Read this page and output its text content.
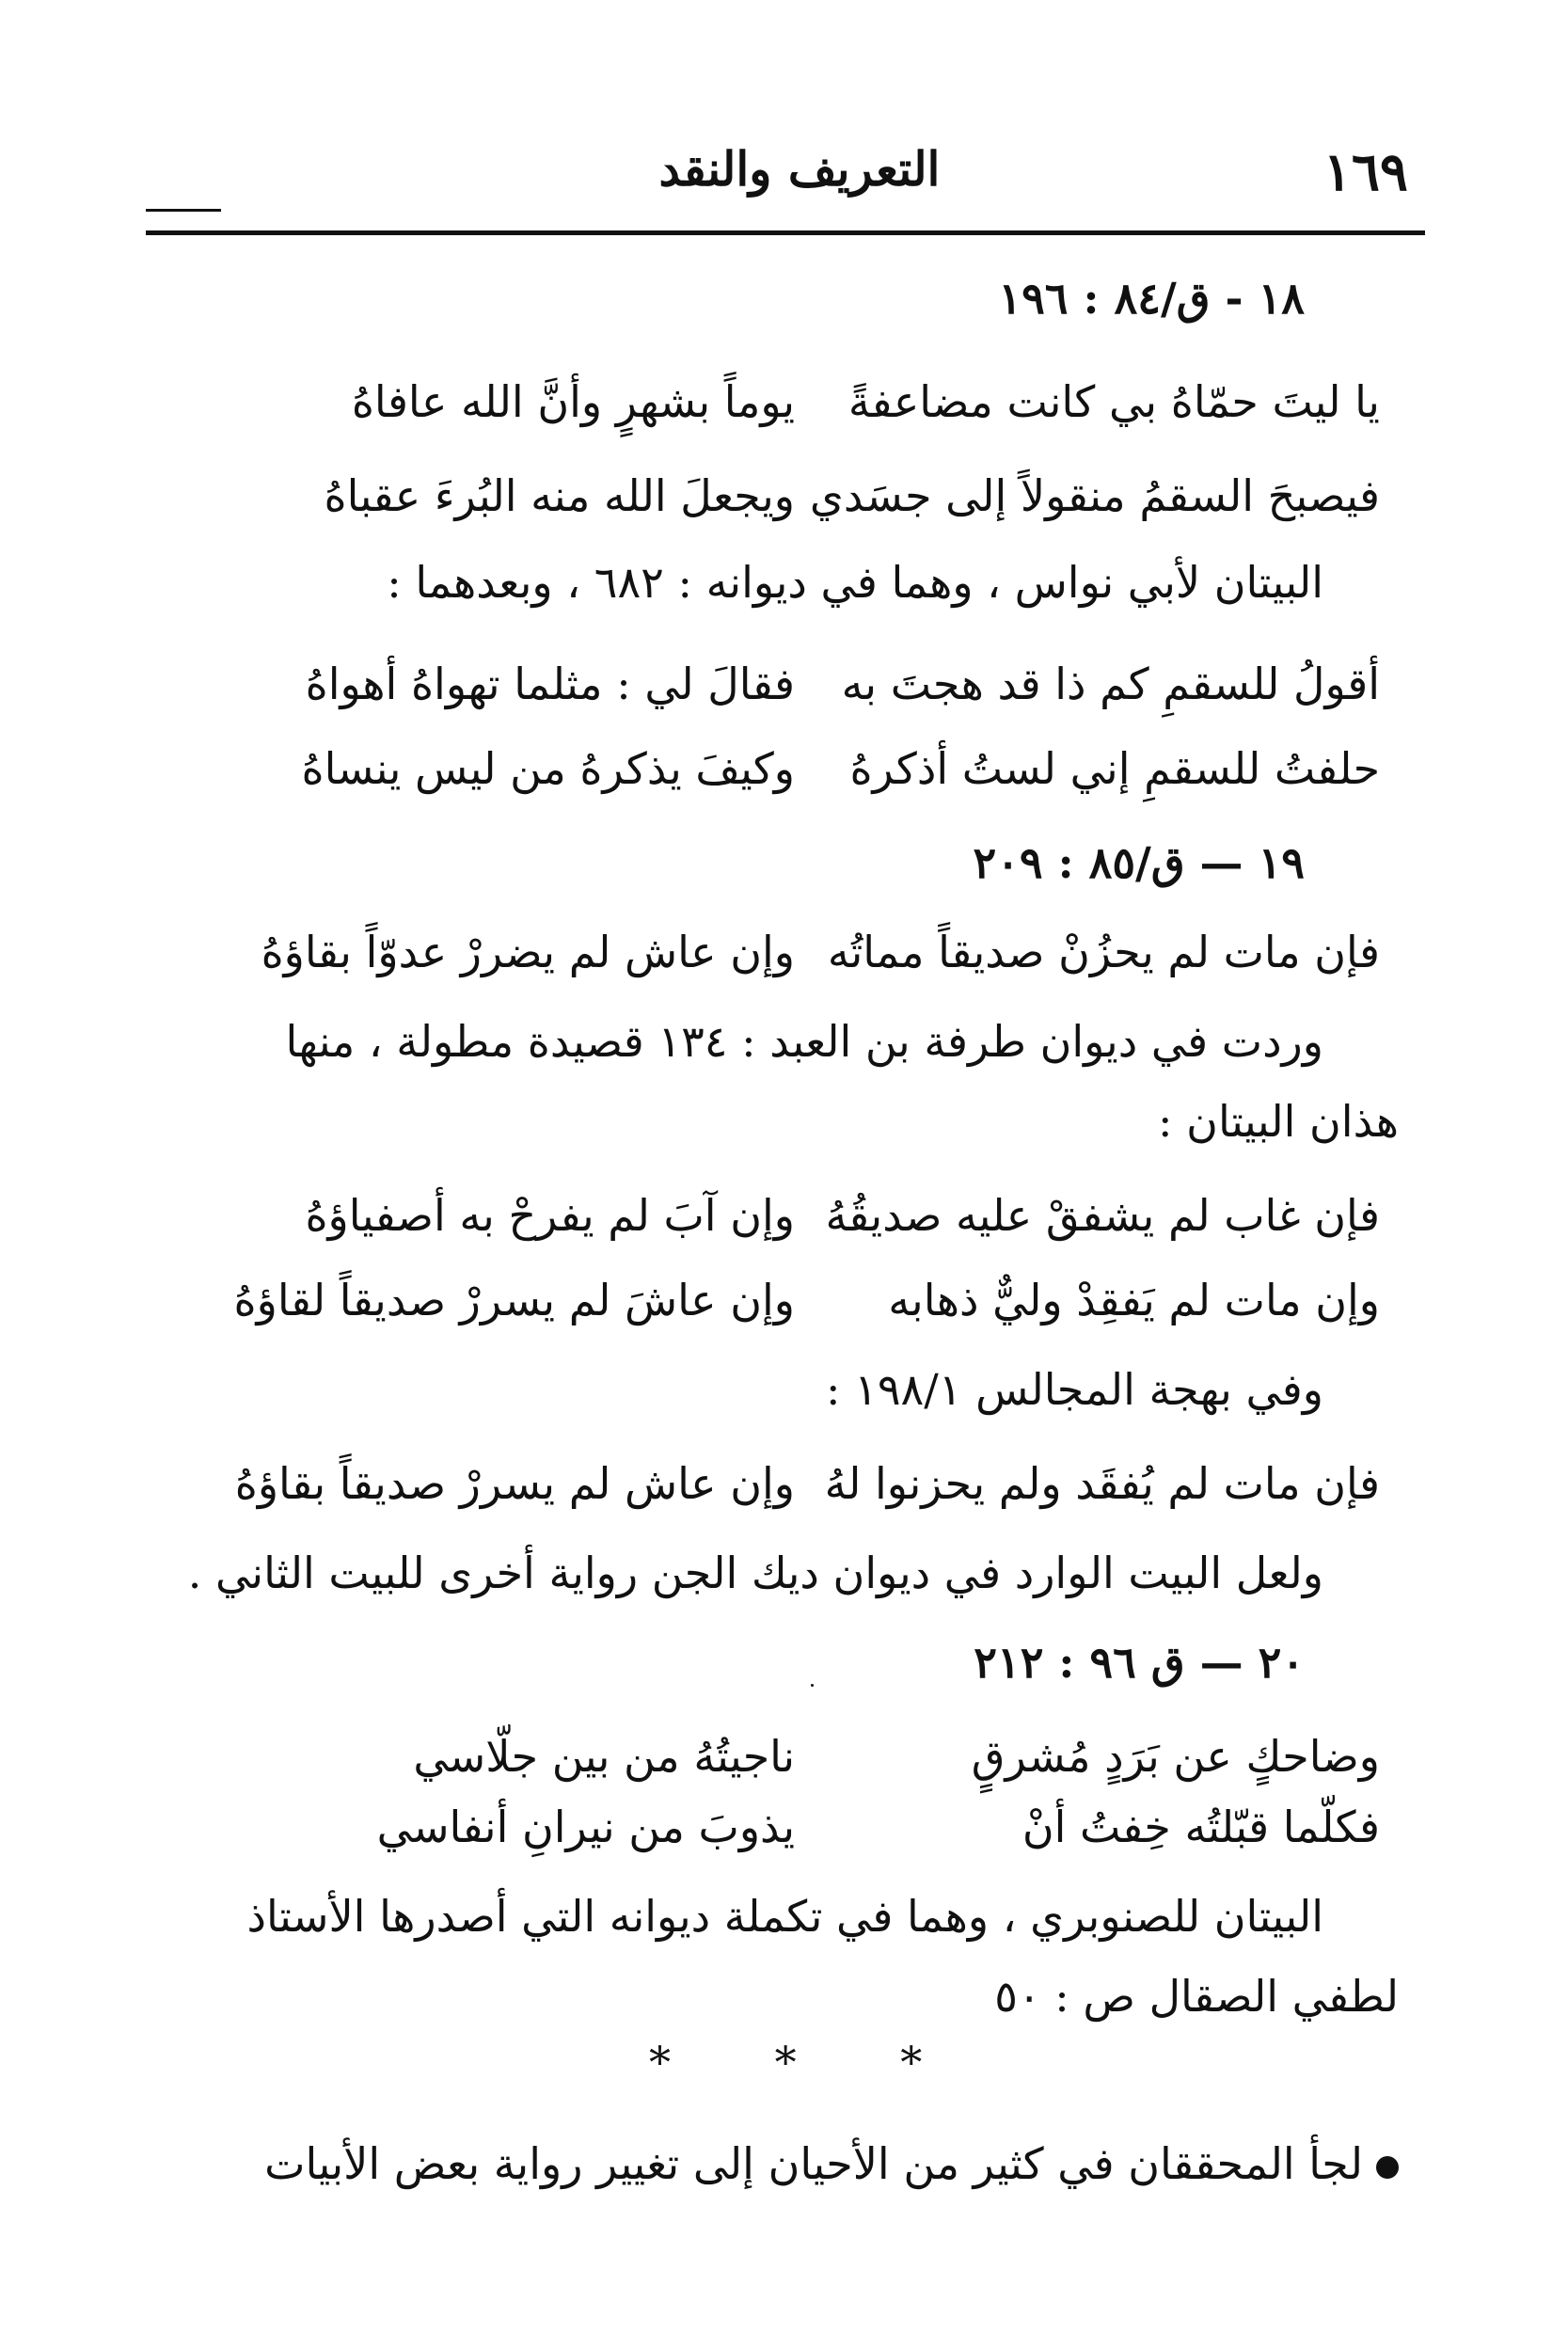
١٦٩
التعريف والنقد
١٨ - ق/٨٤ : ١٩٦
يا ليتَ حمّاهُ بي كانت مضاعفةً
يوماً بشهرٍ وأنَّ الله عافاهُ
فيصبحَ السقمُ منقولاً إلى جسَدي
ويجعلَ الله منه البُرءَ عقباهُ
البيتان لأبي نواس ، وهما في ديوانه : ٦٨٢ ، وبعدهما :
أقولُ للسقمِ كم ذا قد هجتَ به
فقالَ لي : مثلما تهواهُ أهواهُ
حلفتُ للسقمِ إني لستُ أذكرهُ
وكيفَ يذكرهُ من ليس ينساهُ
١٩ — ق/٨٥ : ٢٠٩
فإن مات لم يحزُنْ صديقاً مماتُه
وإن عاش لم يضررْ عدوّاً بقاؤهُ
وردت في ديوان طرفة بن العبد : ١٣٤ قصيدة مطولة ، منها
هذان البيتان :
فإن غاب لم يشفقْ عليه صديقُهُ
وإن آبَ لم يفرحْ به أصفياؤهُ
وإن مات لم يَفقِدْ وليٌّ ذهابه
وإن عاشَ لم يسررْ صديقاً لقاؤهُ
وفي بهجة المجالس ١٩٨/١ :
فإن مات لم يُفقَد ولم يحزنوا لهُ
وإن عاش لم يسررْ صديقاً بقاؤهُ
ولعل البيت الوارد في ديوان ديك الجن رواية أخرى للبيت الثاني .
٢٠ — ق ٩٦ : ٢١٢
وضاحكٍ عن بَرَدٍ مُشرقٍ
ناجيتُهُ من بين جلّاسي
فكلّما قبّلتُه خِفتُ أنْ
يذوبَ من نيرانِ أنفاسي
البيتان للصنوبري ، وهما في تكملة ديوانه التي أصدرها الأستاذ
لطفي الصقال ص : ٥٠
* * *
لجأ المحققان في كثير من الأحيان إلى تغيير رواية بعض الأبيات
